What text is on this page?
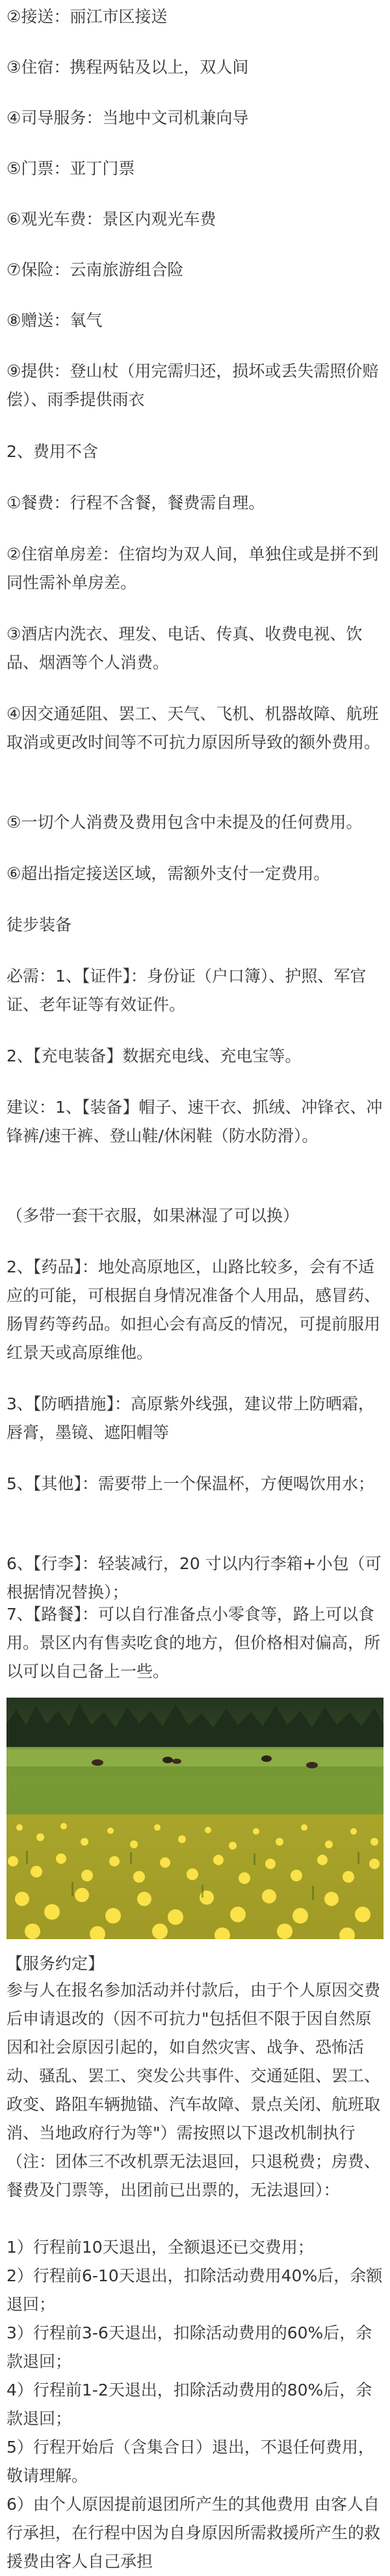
②接送：丽江市区接送

③住宿：携程两钻及以上，双人间

④司导服务：当地中文司机兼向导

⑤门票：亚丁门票

⑥观光车费：景区内观光车费

⑦保险：云南旅游组合险

⑧赠送：氧气

⑨提供：登山杖（用完需归还，损坏或丢失需照价赔偿）、雨季提供雨衣

2、费用不含

①餐费：行程不含餐，餐费需自理。

②住宿单房差：住宿均为双人间，单独住或是拼不到同性需补单房差。

③酒店内洗衣、理发、电话、传真、收费电视、饮品、烟酒等个人消费。

④因交通延阻、罢工、天气、飞机、机器故障、航班取消或更改时间等不可抗力原因所导致的额外费用。

⑤一切个人消费及费用包含中未提及的任何费用。

⑥超出指定接送区域，需额外支付一定费用。

徒步装备

必需：1、【证件】：身份证（户口簿）、护照、军官证、老年证等有效证件。

2、【充电装备】数据充电线、充电宝等。

建议：1、【装备】帽子、速干衣、抓绒、冲锋衣、冲锋裤/速干裤、登山鞋/休闲鞋（防水防滑）。

（多带一套干衣服，如果淋湿了可以换）

2、【药品】：地处高原地区，山路比较多，会有不适应的可能，可根据自身情况准备个人用品，感冒药、肠胃药等药品。如担心会有高反的情况，可提前服用红景天或高原维他。

3、【防晒措施】：高原紫外线强，建议带上防晒霜，唇膏，墨镜、遮阳帽等

5、【其他】：需要带上一个保温杯，方便喝饮用水；

6、【行李】：轻装减行，20 寸以内行李箱+小包（可根据情况替换）；

7、【路餐】：可以自行准备点小零食等，路上可以食用。景区内有售卖吃食的地方，但价格相对偏高，所以可以自己备上一些。

【服务约定】

参与人在报名参加活动并付款后，由于个人原因交费后申请退改的（因不可抗力"包括但不限于因自然原因和社会原因引起的，如自然灾害、战争、恐怖活动、骚乱、罢工、突发公共事件、交通延阻、罢工、政变、路阻车辆抛锚、汽车故障、景点关闭、航班取消、当地政府行为等"）需按照以下退改机制执行（注：团体三不改机票无法退回，只退税费；房费、餐费及门票等，出团前已出票的，无法退回）：

1）行程前10天退出，全额退还已交费用；

2）行程前6-10天退出，扣除活动费用40%后，余额退回；

3）行程前3-6天退出，扣除活动费用的60%后，余款退回；

4）行程前1-2天退出，扣除活动费用的80%后，余款退回；

5）行程开始后（含集合日）退出，不退任何费用，敬请理解。

6）由个人原因提前退团所产生的其他费用 由客人自行承担，在行程中因为自身原因所需救援所产生的救援费由客人自己承担
